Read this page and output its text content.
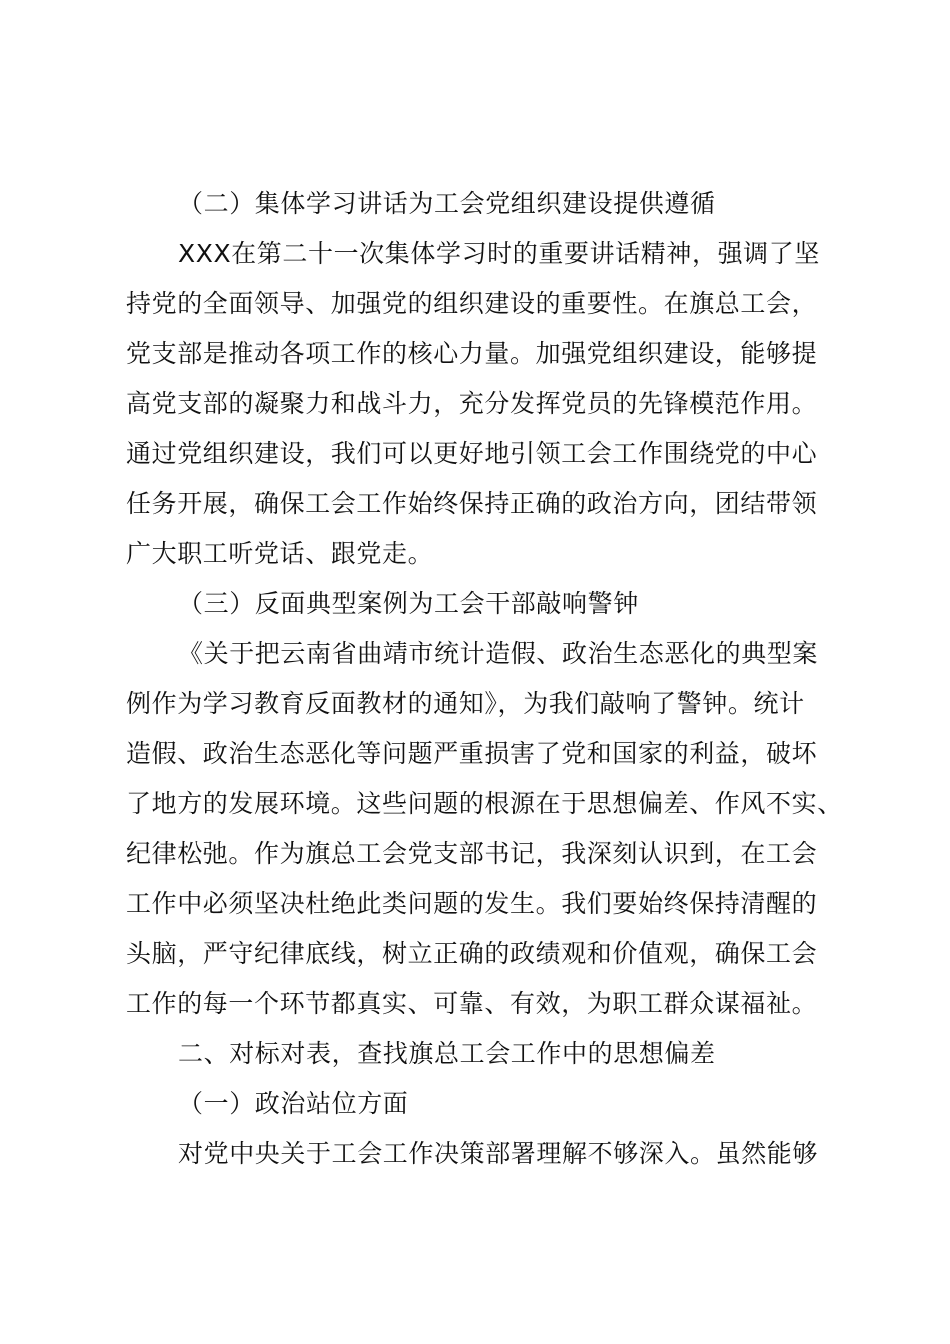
（二）集体学习讲话为工会党组织建设提供遵循
XXX在第二十一次集体学习时的重要讲话精神，强调了坚
持党的全面领导、加强党的组织建设的重要性。在旗总工会，
党支部是推动各项工作的核心力量。加强党组织建设，能够提
高党支部的凝聚力和战斗力，充分发挥党员的先锋模范作用。
通过党组织建设，我们可以更好地引领工会工作围绕党的中心
任务开展，确保工会工作始终保持正确的政治方向，团结带领
广大职工听党话、跟党走。
（三）反面典型案例为工会干部敲响警钟
《关于把云南省曲靖市统计造假、政治生态恶化的典型案
例作为学习教育反面教材的通知》，为我们敲响了警钟。统计
造假、政治生态恶化等问题严重损害了党和国家的利益，破坏
了地方的发展环境。这些问题的根源在于思想偏差、作风不实、
纪律松弛。作为旗总工会党支部书记，我深刻认识到，在工会
工作中必须坚决杜绝此类问题的发生。我们要始终保持清醒的
头脑，严守纪律底线，树立正确的政绩观和价值观，确保工会
工作的每一个环节都真实、可靠、有效，为职工群众谋福祉。
二、对标对表，查找旗总工会工作中的思想偏差
（一）政治站位方面
对党中央关于工会工作决策部署理解不够深入。虽然能够
